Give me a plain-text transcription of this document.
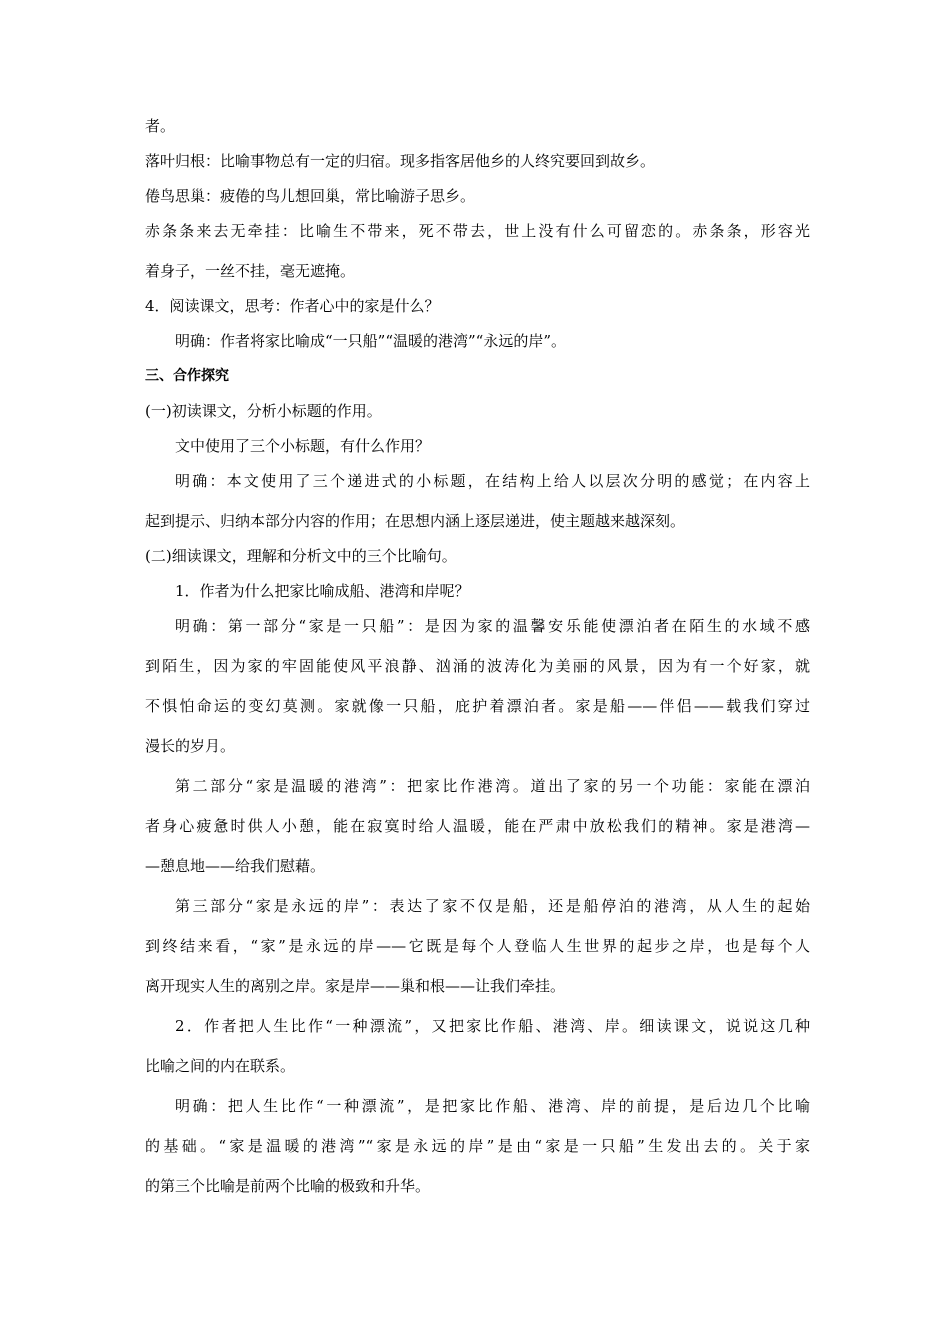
者。
落叶归根：比喻事物总有一定的归宿。现多指客居他乡的人终究要回到故乡。
倦鸟思巢：疲倦的鸟儿想回巢，常比喻游子思乡。
赤条条来去无牵挂：比喻生不带来，死不带去，世上没有什么可留恋的。赤条条，形容光
着身子，一丝不挂，毫无遮掩。
4．阅读课文，思考：作者心中的家是什么？
明确：作者将家比喻成“一只船”“温暖的港湾”“永远的岸”。
三、合作探究
(一)初读课文，分析小标题的作用。
文中使用了三个小标题，有什么作用？
明确：本文使用了三个递进式的小标题，在结构上给人以层次分明的感觉；在内容上
起到提示、归纳本部分内容的作用；在思想内涵上逐层递进，使主题越来越深刻。
(二)细读课文，理解和分析文中的三个比喻句。
1．作者为什么把家比喻成船、港湾和岸呢？
明确：第一部分“家是一只船”：是因为家的温馨安乐能使漂泊者在陌生的水域不感
到陌生，因为家的牢固能使风平浪静、汹涌的波涛化为美丽的风景，因为有一个好家，就
不惧怕命运的变幻莫测。家就像一只船，庇护着漂泊者。家是船——伴侣——载我们穿过
漫长的岁月。
第二部分“家是温暖的港湾”：把家比作港湾。道出了家的另一个功能：家能在漂泊
者身心疲惫时供人小憩，能在寂寞时给人温暖，能在严肃中放松我们的精神。家是港湾—
—憩息地——给我们慰藉。
第三部分“家是永远的岸”：表达了家不仅是船，还是船停泊的港湾，从人生的起始
到终结来看，“家”是永远的岸——它既是每个人登临人生世界的起步之岸，也是每个人
离开现实人生的离别之岸。家是岸——巢和根——让我们牵挂。
2．作者把人生比作“一种漂流”，又把家比作船、港湾、岸。细读课文，说说这几种
比喻之间的内在联系。
明确：把人生比作“一种漂流”，是把家比作船、港湾、岸的前提，是后边几个比喻
的基础。“家是温暖的港湾”“家是永远的岸”是由“家是一只船”生发出去的。关于家
的第三个比喻是前两个比喻的极致和升华。
